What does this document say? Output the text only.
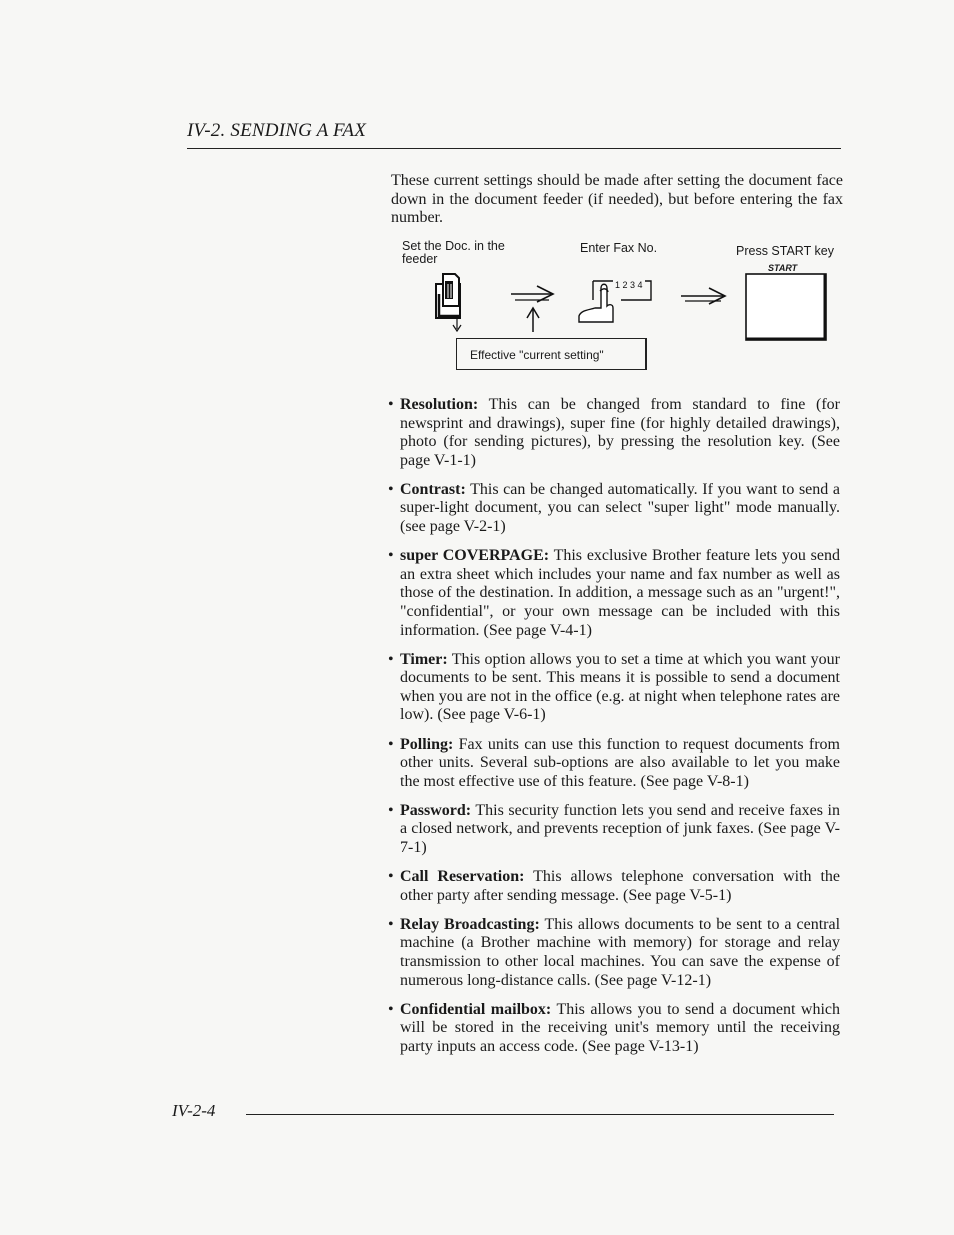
IV-2. SENDING A FAX
These current settings should be made after setting the document face down in the document feeder (if needed), but before entering the fax number.
Set the Doc. in the feeder
Enter Fax No.	Press START key
START
1 2 3 4
Effective "current setting"
• Resolution: This can be changed from standard to fine (for newsprint and drawings), super fine (for highly detailed drawings), photo (for sending pictures), by pressing the resolution key. (See page V-1-1)
• Contrast: This can be changed automatically. If you want to send a super-light document, you can select "super light" mode manually. (see page V-2-1)
• super COVERPAGE: This exclusive Brother feature lets you send an extra sheet which includes your name and fax number as well as those of the destination. In addition, a message such as an "urgent!", "confidential", or your own message can be included with this information. (See page V-4-1)
• Timer: This option allows you to set a time at which you want your documents to be sent. This means it is possible to send a document when you are not in the office (e.g. at night when telephone rates are low). (See page V-6-1)
• Polling: Fax units can use this function to request documents from other units. Several sub-options are also available to let you make the most effective use of this feature. (See page V-8-1)
• Password: This security function lets you send and receive faxes in a closed network, and prevents reception of junk faxes. (See page V-7-1)
• Call Reservation: This allows telephone conversation with the other party after sending message. (See page V-5-1)
• Relay Broadcasting: This allows documents to be sent to a central machine (a Brother machine with memory) for storage and relay transmission to other local machines. You can save the expense of numerous long-distance calls. (See page V-12-1)
• Confidential mailbox: This allows you to send a document which will be stored in the receiving unit's memory until the receiving party inputs an access code. (See page V-13-1)
IV-2-4
